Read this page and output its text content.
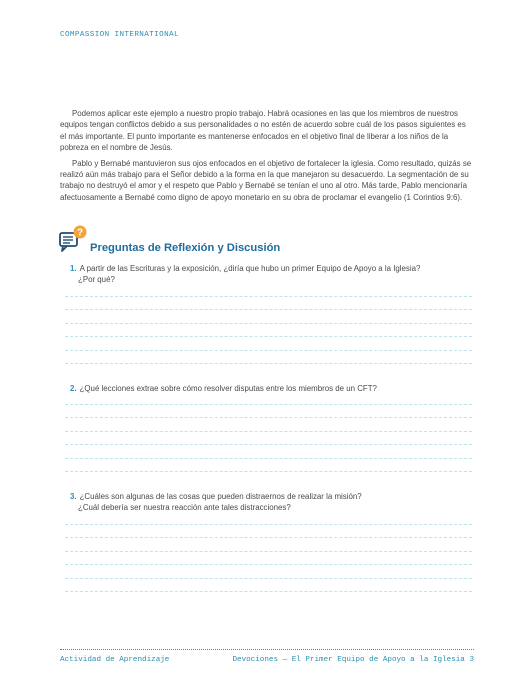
COMPASSION INTERNATIONAL

Podemos aplicar este ejemplo a nuestro propio trabajo. Habrá ocasiones en las que los miembros de nuestros equipos tengan conflictos debido a sus personalidades o no estén de acuerdo sobre cuál de los pasos siguientes es el más importante. El punto importante es mantenerse enfocados en el objetivo final de liberar a los niños de la pobreza en el nombre de Jesús.

Pablo y Bernabé mantuvieron sus ojos enfocados en el objetivo de fortalecer la iglesia. Como resultado, quizás se realizó aún más trabajo para el Señor debido a la forma en la que manejaron su desacuerdo. La segmentación de su trabajo no destruyó el amor y el respeto que Pablo y Bernabé se tenían el uno al otro. Más tarde, Pablo mencionaría afectuosamente a Bernabé como digno de apoyo monetario en su obra de proclamar el evangelio (1 Corintios 9:6).

?
Preguntas de Reflexión y Discusión
1. A partir de las Escrituras y la exposición, ¿diría que hubo un primer Equipo de Apoyo a la Iglesia?
¿Por qué?
2. ¿Qué lecciones extrae sobre cómo resolver disputas entre los miembros de un CFT?
3. ¿Cuáles son algunas de las cosas que pueden distraernos de realizar la misión?
¿Cuál debería ser nuestra reacción ante tales distracciones?
Actividad de Aprendizaje	Devociones — El Primer Equipo de Apoyo a la Iglesia 3
